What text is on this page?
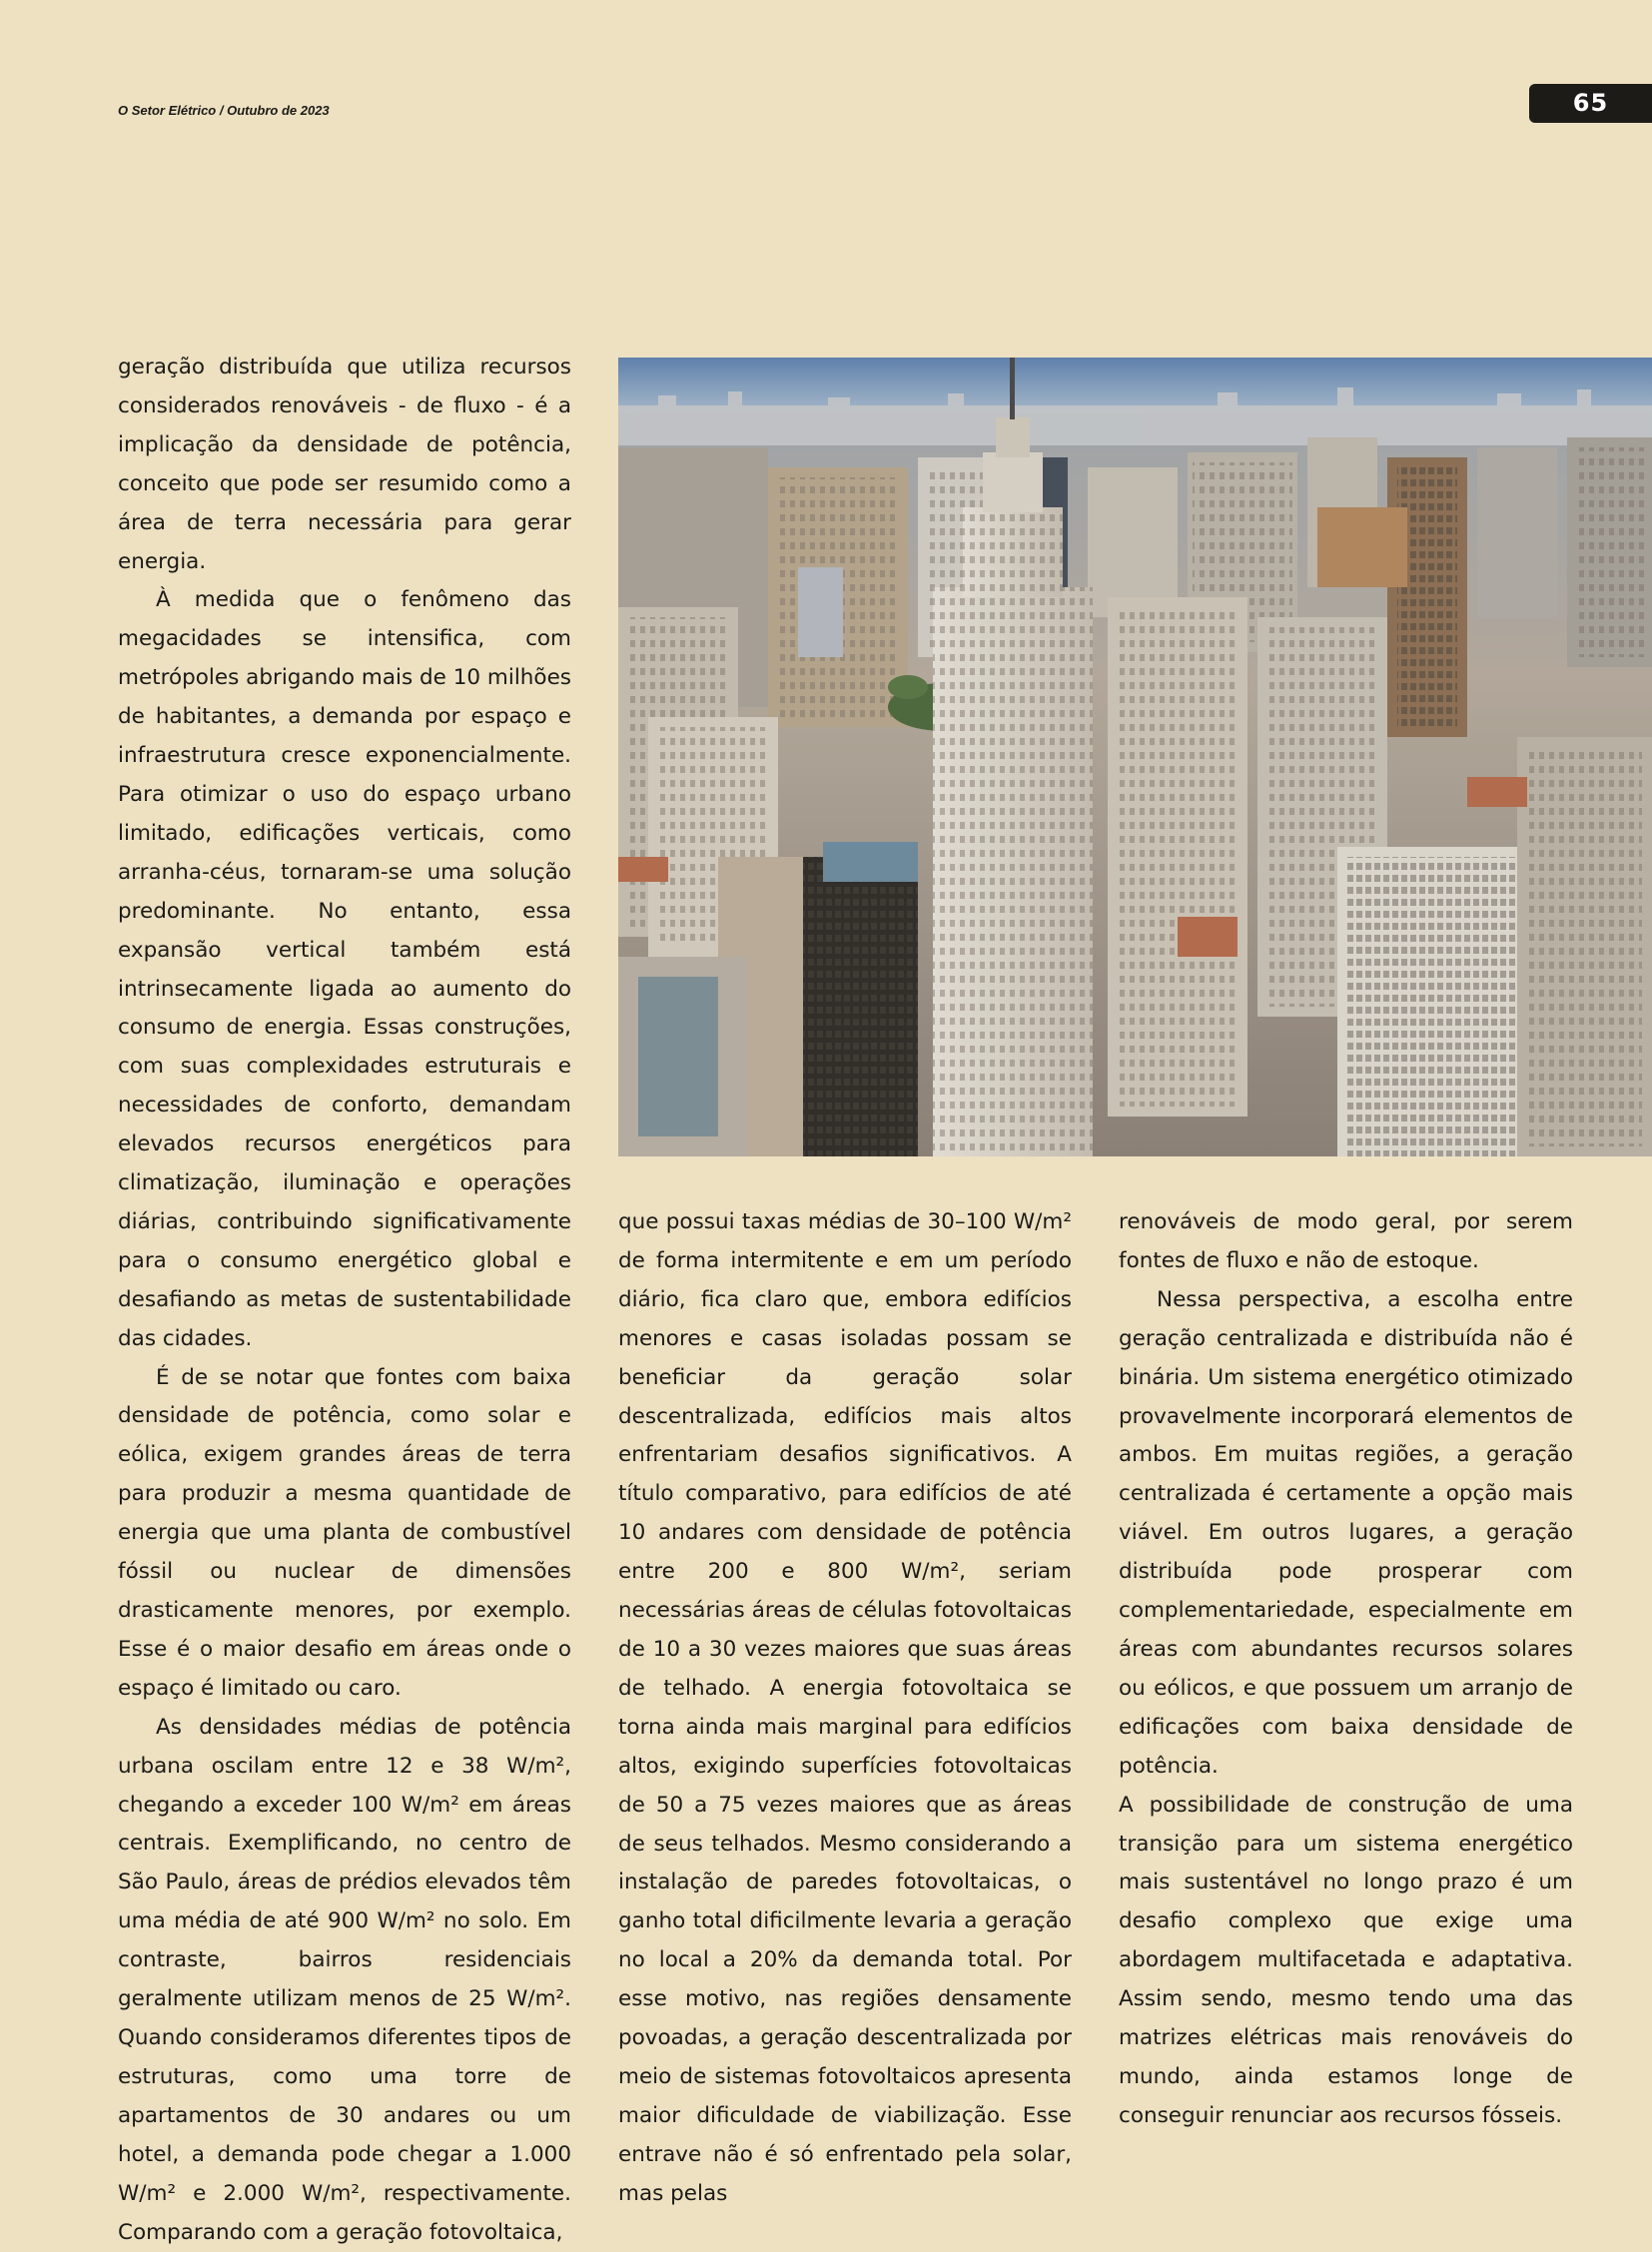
O Setor Elétrico / Outubro de 2023	65

geração distribuída que utiliza recursos considerados renováveis - de fluxo - é a implicação da densidade de potência, conceito que pode ser resumido como a área de terra necessária para gerar energia.

À medida que o fenômeno das megacidades se intensifica, com metrópoles abrigando mais de 10 milhões de habitantes, a demanda por espaço e infraestrutura cresce exponencialmente. Para otimizar o uso do espaço urbano limitado, edificações verticais, como arranha-céus, tornaram-se uma solução predominante. No entanto, essa expansão vertical também está intrinsecamente ligada ao aumento do consumo de energia. Essas construções, com suas complexidades estruturais e necessidades de conforto, demandam elevados recursos energéticos para climatização, iluminação e operações diárias, contribuindo significativamente para o consumo energético global e desafiando as metas de sustentabilidade das cidades.

É de se notar que fontes com baixa densidade de potência, como solar e eólica, exigem grandes áreas de terra para produzir a mesma quantidade de energia que uma planta de combustível fóssil ou nuclear de dimensões drasticamente menores, por exemplo. Esse é o maior desafio em áreas onde o espaço é limitado ou caro.

As densidades médias de potência urbana oscilam entre 12 e 38 W/m², chegando a exceder 100 W/m² em áreas centrais. Exemplificando, no centro de São Paulo, áreas de prédios elevados têm uma média de até 900 W/m² no solo. Em contraste, bairros residenciais geralmente utilizam menos de 25 W/m². Quando consideramos diferentes tipos de estruturas, como uma torre de apartamentos de 30 andares ou um hotel, a demanda pode chegar a 1.000 W/m² e 2.000 W/m², respectivamente. Comparando com a geração fotovoltaica,

que possui taxas médias de 30–100 W/m² de forma intermitente e em um período diário, fica claro que, embora edifícios menores e casas isoladas possam se beneficiar da geração solar descentralizada, edifícios mais altos enfrentariam desafios significativos. A título comparativo, para edifícios de até 10 andares com densidade de potência entre 200 e 800 W/m², seriam necessárias áreas de células fotovoltaicas de 10 a 30 vezes maiores que suas áreas de telhado. A energia fotovoltaica se torna ainda mais marginal para edifícios altos, exigindo superfícies fotovoltaicas de 50 a 75 vezes maiores que as áreas de seus telhados. Mesmo considerando a instalação de paredes fotovoltaicas, o ganho total dificilmente levaria a geração no local a 20% da demanda total. Por esse motivo, nas regiões densamente povoadas, a geração descentralizada por meio de sistemas fotovoltaicos apresenta maior dificuldade de viabilização. Esse entrave não é só enfrentado pela solar, mas pelas

renováveis de modo geral, por serem fontes de fluxo e não de estoque.

Nessa perspectiva, a escolha entre geração centralizada e distribuída não é binária. Um sistema energético otimizado provavelmente incorporará elementos de ambos. Em muitas regiões, a geração centralizada é certamente a opção mais viável. Em outros lugares, a geração distribuída pode prosperar com complementariedade, especialmente em áreas com abundantes recursos solares ou eólicos, e que possuem um arranjo de edificações com baixa densidade de potência.

A possibilidade de construção de uma transição para um sistema energético mais sustentável no longo prazo é um desafio complexo que exige uma abordagem multifacetada e adaptativa. Assim sendo, mesmo tendo uma das matrizes elétricas mais renováveis do mundo, ainda estamos longe de conseguir renunciar aos recursos fósseis.
